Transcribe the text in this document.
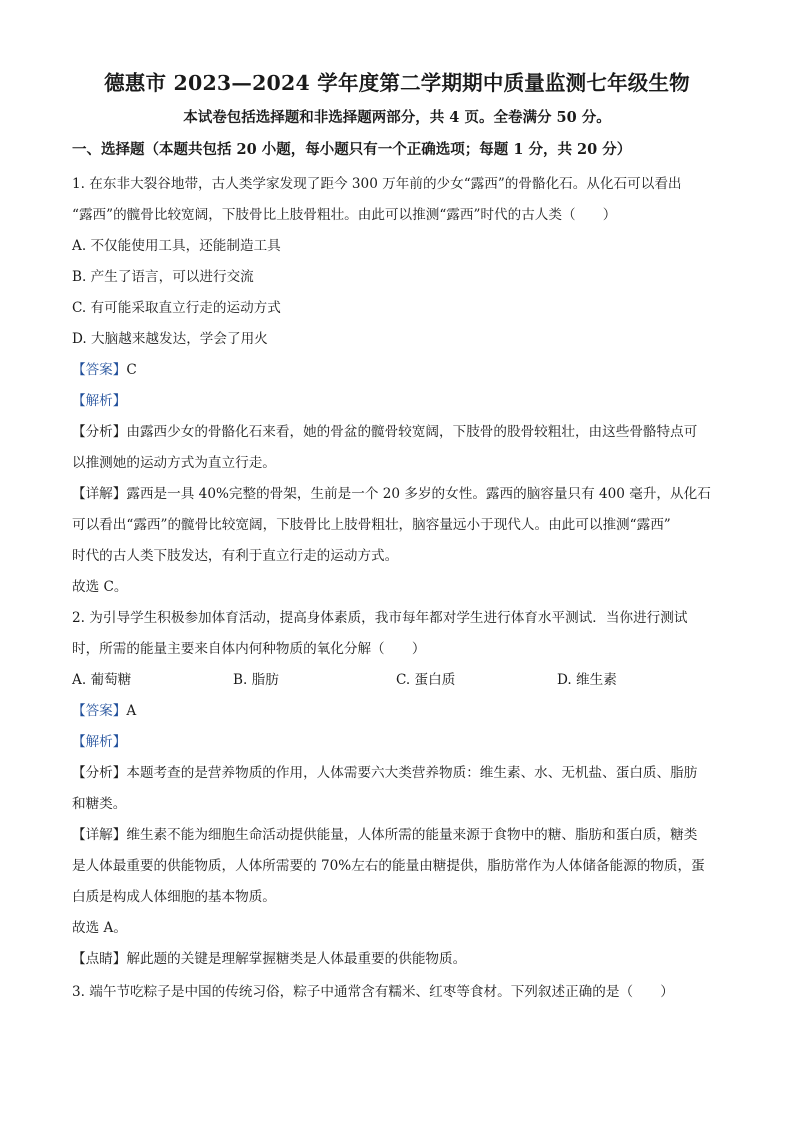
德惠市 2023—2024 学年度第二学期期中质量监测七年级生物
本试卷包括选择题和非选择题两部分，共 4 页。全卷满分 50 分。
一、选择题（本题共包括 20 小题，每小题只有一个正确选项；每题 1 分，共 20 分）
1. 在东非大裂谷地带，古人类学家发现了距今 300 万年前的少女“露西”的骨骼化石。从化石可以看出
“露西”的髋骨比较宽阔，下肢骨比上肢骨粗壮。由此可以推测“露西”时代的古人类（　　）
A. 不仅能使用工具，还能制造工具
B. 产生了语言，可以进行交流
C. 有可能采取直立行走的运动方式
D. 大脑越来越发达，学会了用火
【答案】C
【解析】
【分析】由露西少女的骨骼化石来看，她的骨盆的髋骨较宽阔，下肢骨的股骨较粗壮，由这些骨骼特点可
以推测她的运动方式为直立行走。
【详解】露西是一具 40%完整的骨架，生前是一个 20 多岁的女性。露西的脑容量只有 400 毫升，从化石
可以看出“露西”的髋骨比较宽阔，下肢骨比上肢骨粗壮，脑容量远小于现代人。由此可以推测“露西”
时代的古人类下肢发达，有利于直立行走的运动方式。
故选 C。
2. 为引导学生积极参加体育活动，提高身体素质，我市每年都对学生进行体育水平测试．当你进行测试
时，所需的能量主要来自体内何种物质的氧化分解（　　）
A. 葡萄糖	B. 脂肪	C. 蛋白质	D. 维生素
【答案】A
【解析】
【分析】本题考查的是营养物质的作用，人体需要六大类营养物质：维生素、水、无机盐、蛋白质、脂肪
和糖类。
【详解】维生素不能为细胞生命活动提供能量，人体所需的能量来源于食物中的糖、脂肪和蛋白质，糖类
是人体最重要的供能物质，人体所需要的 70%左右的能量由糖提供，脂肪常作为人体储备能源的物质，蛋
白质是构成人体细胞的基本物质。
故选 A。
【点睛】解此题的关键是理解掌握糖类是人体最重要的供能物质。
3. 端午节吃粽子是中国的传统习俗，粽子中通常含有糯米、红枣等食材。下列叙述正确的是（　　）
